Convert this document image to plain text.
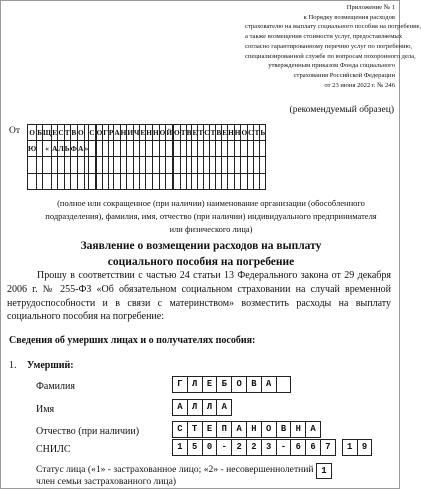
Приложение № 1
к Порядку возмещения расходов
страхователю на выплату социального пособия на погребение,
а также возмещения стоимости услуг, предоставляемых
согласно гарантированному перечню услуг по погребению,
специализированной службе по вопросам похоронного дела,
утвержденным приказом Фонда социального
страхования Российской Федерации
от 23 июня 2022 г. № 246
(рекомендуемый образец)
От О	Б	Щ	Е	С	Т	В	О		С		О	Г	Р	А	Н	И	Ч	Е	Н	Н	О	Й		О	Т	В	Е	Т	С	Т	В	Е	Н	Н	О	С	Т	Ь
Ю		«	А	Л	Ь	Ф	А	»																														

(полное или сокращенное (при наличии) наименование организации (обособленного подразделения), фамилия, имя, отчество (при наличии) индивидуального предпринимателя или физического лица)
Заявление о возмещении расходов на выплату
социального пособия на погребение
Прошу в соответствии с частью 24 статьи 13 Федерального закона от 29 декабря 2006 г. № 255-ФЗ «Об обязательном социальном страховании на случай временной нетрудоспособности и в связи с материнством» возместить расходы на выплату социального пособия на погребение:
Сведения об умерших лицах и о получателях пособия:
1. Умерший:
Фамилия	Г	Л	Е	Б	О	В	А	
Имя	А	Л	Л	А
Отчество (при наличии)	С	Т	Е	П	А	Н	О	В	Н	А
СНИЛС	1	5	0	-	2	2	3	-	6	6	7		1	9
Статус лица («1» - застрахованное лицо; «2» - несовершеннолетний член семьи застрахованного лица)
1
